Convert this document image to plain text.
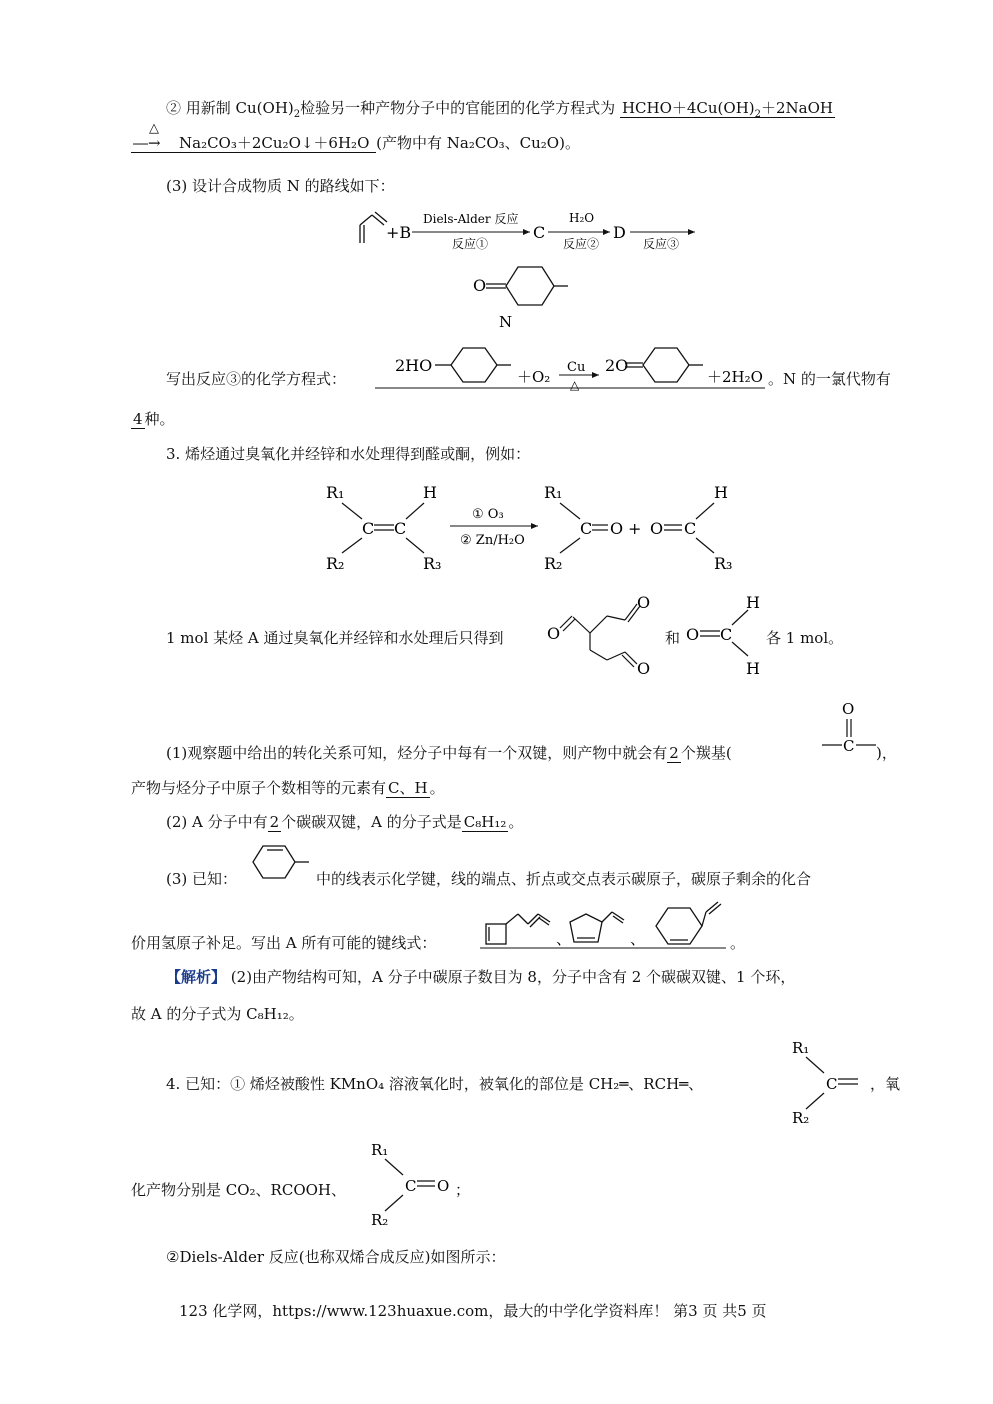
② 用新制 $Cu(OH)_2$检验另一种产物分子中的官能团的化学方程式为 $HCHO+4Cu(OH)_2+2NaOH$
△
―→ Na₂CO₃＋2Cu₂O↓＋6H₂O (产物中有 Na₂CO₃、Cu₂O)。
(3) 设计合成物质 N 的路线如下：
+B
Diels-Alder 反应
反应①
C
H₂O
反应②
D
反应③
O
N
写出反应③的化学方程式：
2HO
＋O₂
Cu
△
2O
＋2H₂O 。N 的一氯代物有
4 种。
3. 烯烃通过臭氧化并经锌和水处理得到醛或酮，例如：
R₁	H
R₂	R₃
C C
① O₃
② Zn/H₂O
R₁
R₂
C O + O C
H
R₃
1 mol 某烃 A 通过臭氧化并经锌和水处理后只得到	O
O
O
和 O C
H
H
各 1 mol。
(1)观察题中给出的转化关系可知，烃分子中每有一个双键，则产物中就会有 2 个羰基(
O
C )，
产物与烃分子中原子个数相等的元素有 C、H 。
(2) A 分子中有 2 个碳碳双键，A 的分子式是 C₈H₁₂ 。
(3) 已知：	中的线表示化学键，线的端点、折点或交点表示碳原子，碳原子剩余的化合
价用氢原子补足。写出 A 所有可能的键线式：	、	、	。
【解析】 (2)由产物结构可知，A 分子中碳原子数目为 8，分子中含有 2 个碳碳双键、1 个环，
故 A 的分子式为 C₈H₁₂。
4. 已知：① 烯烃被酸性 KMnO₄ 溶液氧化时，被氧化的部位是 CH₂═、RCH═、
R₁
R₂
C ，氧
化产物分别是 CO₂、RCOOH、
R₁
R₂
C O ；
②Diels-Alder 反应(也称双烯合成反应)如图所示：
123 化学网，https://www.123huaxue.com，最大的中学化学资料库！ 第3 页 共5 页
